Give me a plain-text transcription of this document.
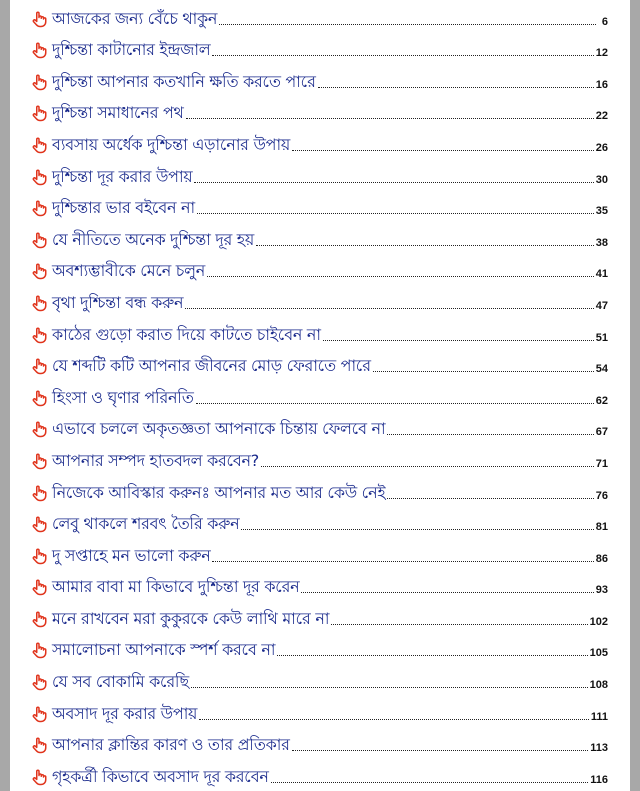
আজকের জন্য বেঁচে থাকুন	6
দুশ্চিন্তা কাটানোর ইন্দ্রজাল	12
দুশ্চিন্তা আপনার কতখানি ক্ষতি করতে পারে	16
দুশ্চিন্তা সমাধানের পথ	22
ব্যবসায় অর্ধেক দুশ্চিন্তা এড়ানোর উপায়	26
দুশ্চিন্তা দূর করার উপায়	30
দুশ্চিন্তার ভার বইবেন না	35
যে নীতিতে অনেক দুশ্চিন্তা দূর হয়	38
অবশ্যম্ভাবীকে মেনে চলুন	41
বৃথা দুশ্চিন্তা বন্ধ করুন	47
কাঠের গুড়ো করাত দিয়ে কাটতে চাইবেন না	51
যে শব্দটি কটি আপনার জীবনের মোড় ফেরাতে পারে	54
হিংসা ও ঘৃণার পরিনতি	62
এভাবে চললে অকৃতজ্ঞতা আপনাকে চিন্তায় ফেলবে না	67
আপনার সম্পদ হাতবদল করবেন?	71
নিজেকে আবিস্কার করুনঃ আপনার মত আর কেউ নেই	76
লেবু থাকলে শরবৎ তৈরি করুন	81
দু সপ্তাহে মন ভালো করুন	86
আমার বাবা মা কিভাবে দুশ্চিন্তা দূর করেন	93
মনে রাখবেন মরা কুকুরকে কেউ লাথি মারে না	102
সমালোচনা আপনাকে স্পর্শ করবে না	105
যে সব বোকামি করেছি	108
অবসাদ দূর করার উপায়	111
আপনার ক্লান্তির কারণ ও তার প্রতিকার	113
গৃহকর্ত্রী কিভাবে অবসাদ দূর করবেন	116
